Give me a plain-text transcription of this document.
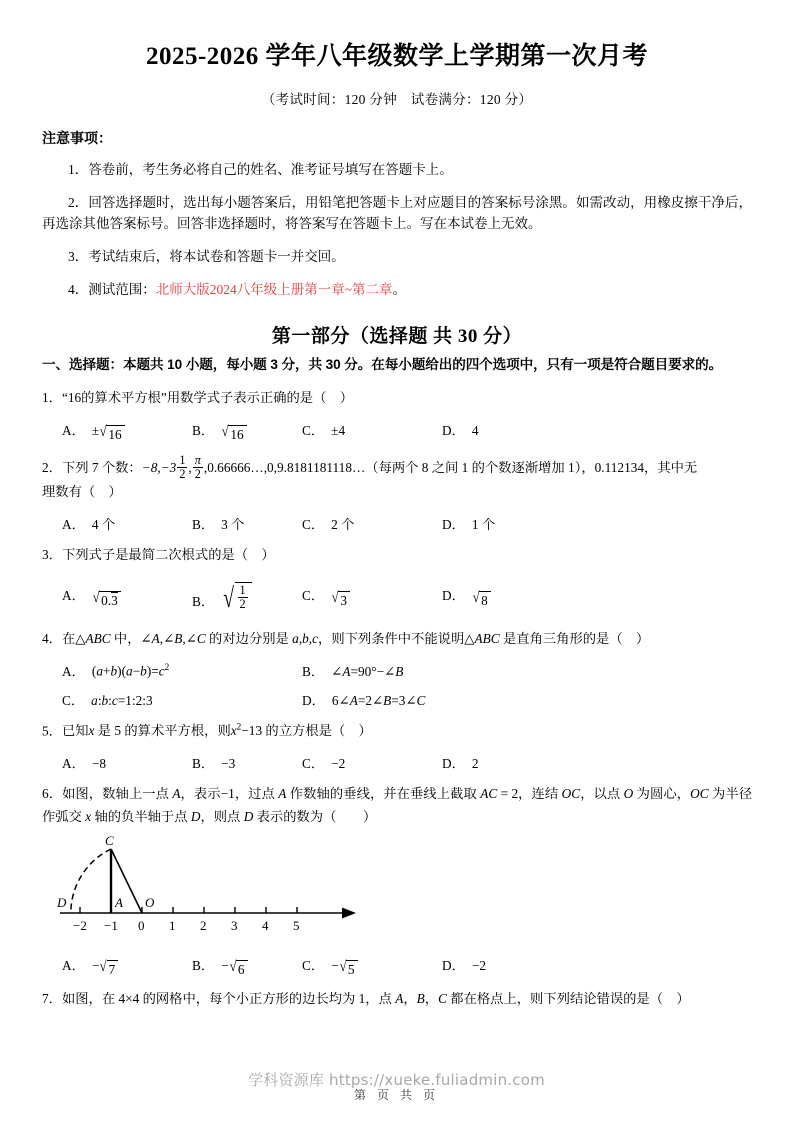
2025-2026 学年八年级数学上学期第一次月考
（考试时间：120 分钟　试卷满分：120 分）
注意事项：
1．答卷前，考生务必将自己的姓名、准考证号填写在答题卡上。
2．回答选择题时，选出每小题答案后，用铅笔把答题卡上对应题目的答案标号涂黑。如需改动，用橡皮擦干净后，再选涂其他答案标号。回答非选择题时，将答案写在答题卡上。写在本试卷上无效。
3．考试结束后，将本试卷和答题卡一并交回。
4．测试范围：北师大版2024八年级上册第一章~第二章。
第一部分（选择题 共 30 分）
一、选择题：本题共 10 小题，每小题 3 分，共 30 分。在每小题给出的四个选项中，只有一项是符合题目要求的。
1．“16的算术平方根”用数学式子表示正确的是（　）
A． ± √ 16	B． √ 16	C． ±4	D． 4
2．下列 7 个数：$-8,-3 \frac{1}{2}$ , $\frac{\pi}{2}$ ,0.66666…,0,9.8181181118…（每两个 8 之间 1 的个数逐渐增加 1），0.112134，其中无
理数有（　）
A． 4 个	B． 3 个	C． 2 个	D． 1 个
3．下列式子是最简二次根式的是（　）
A． √ 0.3	B． √ $\frac{1}{2}$	C． √ 3	D． √ 8
4．在△ABC 中，∠A,∠B,∠C 的对边分别是 a,b,c，则下列条件中不能说明△ABC 是直角三角形的是（　）
A． $(a+b)(a-b)=c^2$	B． ∠A=90°−∠B
C． a:b:c=1:2:3	D． 6∠A=2∠B=3∠C
5．已知x 是 5 的算术平方根，则$x^2-13$ 的立方根是（　）
A． −8	B． −3	C． −2	D． 2
6．如图，数轴上一点 A，表示−1，过点 A 作数轴的垂线，并在垂线上截取 AC = 2，连结 OC，以点 O 为圆心，OC 为半径作弧交 x 轴的负半轴于点 D，则点 D 表示的数为（　　）
C
D	A O
−2 −1 0 1 2 3 4 5
A． − √ 7	B． − √ 6	C． − √ 5	D． −2
7．如图，在 4×4 的网格中，每个小正方形的边长均为 1，点 A，B，C 都在格点上，则下列结论错误的是（　）
学科资源库 https://xueke.fuliadmin.com
第 页 共 页
